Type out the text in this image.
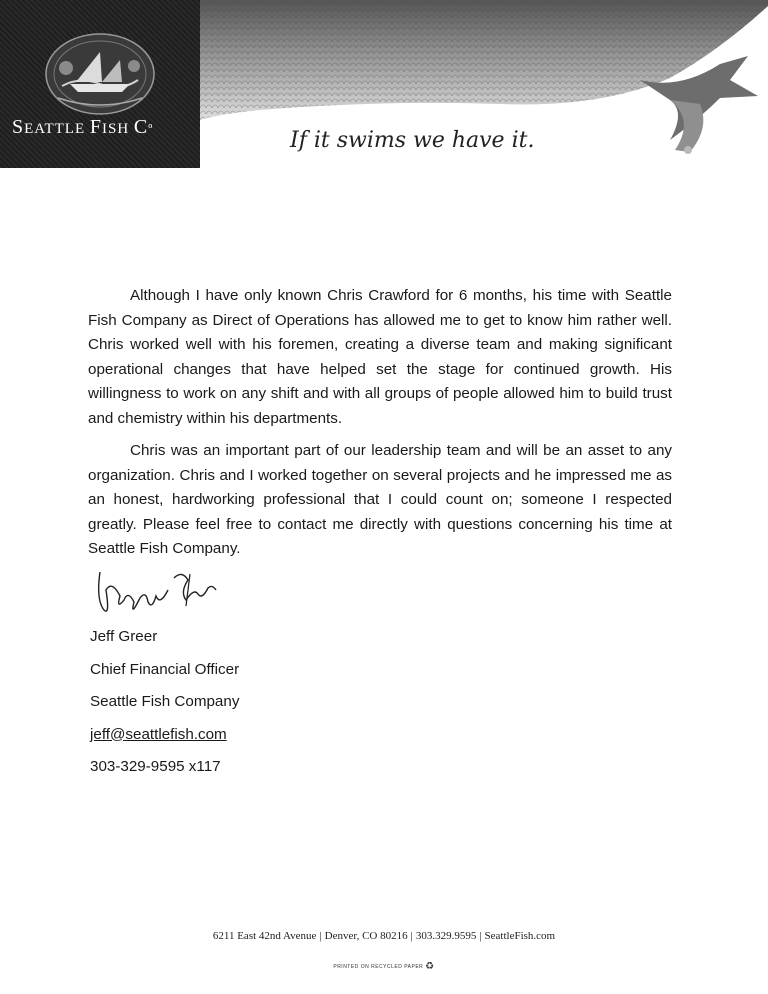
SEATTLE FISH Cº	If it swims we have it.

Although I have only known Chris Crawford for 6 months, his time with Seattle Fish Company as Direct of Operations has allowed me to get to know him rather well. Chris worked well with his foremen, creating a diverse team and making significant operational changes that have helped set the stage for continued growth. His willingness to work on any shift and with all groups of people allowed him to build trust and chemistry within his departments.

Chris was an important part of our leadership team and will be an asset to any organization. Chris and I worked together on several projects and he impressed me as an honest, hardworking professional that I could count on; someone I respected greatly. Please feel free to contact me directly with questions concerning his time at Seattle Fish Company.

Jeff Greer
Chief Financial Officer
Seattle Fish Company
jeff@seattlefish.com
303-329-9595 x117
6211 East 42nd Avenue | Denver, CO 80216 | 303.329.9595 | SeattleFish.com
PRINTED ON RECYCLED PAPER ♻
